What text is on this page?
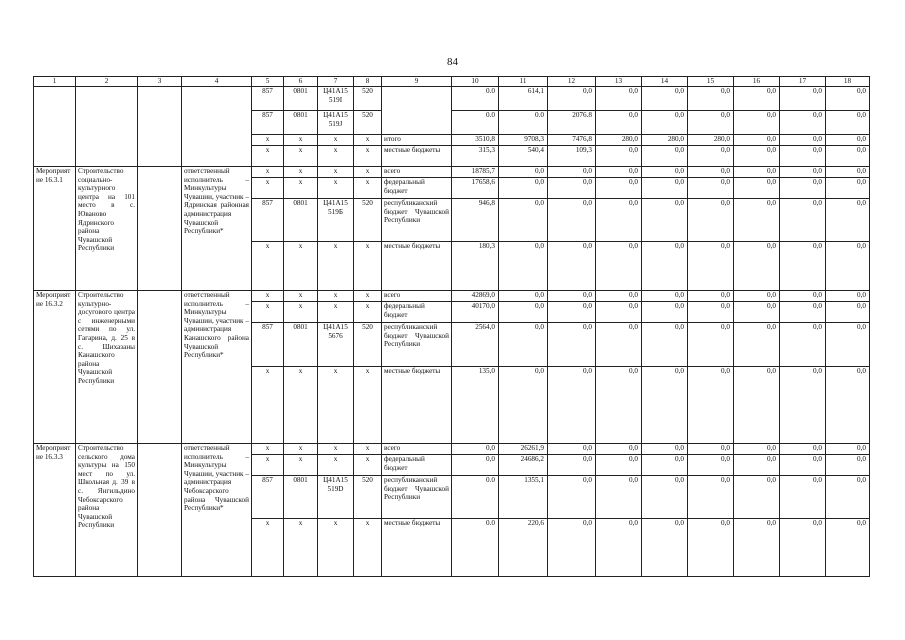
84
1	2	3	4	5	6	7	8	9	10	11	12	13	14	15	16	17	18
				857	0801	Ц41А15 519I	520		0.0	614,1	0,0	0,0	0,0	0,0	0,0	0,0	0,0
				857	0801	Ц41А15 519J	520		0.0	0.0	2076.8	0,0	0,0	0,0	0,0	0,0	0,0
				х	х	х	х	итого	3510,8	9708,3	7476,8	280,0	280,0	280,0	0,0	0,0	0,0
				х	х	х	х	местные бюджеты	315,3	540,4	109,3	0,0	0,0	0,0	0,0	0,0	0,0
Мероприятие 16.3.1	Строительство социально-культурного центра на 101 место в с. Юваново Ядринского района Чувашской Республики		ответственный исполнитель – Минкультуры Чувашии, участник – Ядринская районная администрация Чувашской Республики*	х	х	х	х	всего	18785,7	0,0	0,0	0,0	0,0	0,0	0,0	0,0	0,0
				х	х	х	х	федеральный бюджет	17658,6	0,0	0,0	0,0	0,0	0,0	0,0	0,0	0,0
				857	0801	Ц41А15 519Б	520	республиканский бюджет Чувашской Республики	946,8	0,0	0,0	0,0	0,0	0,0	0,0	0,0	0,0
				х	х	х	х	местные бюджеты	180,3	0,0	0,0	0,0	0,0	0,0	0,0	0,0	0,0
Мероприятие 16.3.2	Строительство культурно-досугового центра с инженерными сетями по ул. Гагарина, д. 25 в с. Шихазаны Канашского района Чувашской Республики		ответственный исполнитель – Минкультуры Чувашии, участник – администрация Канашского района Чувашской Республики*	х	х	х	х	всего	42869,0	0,0	0,0	0,0	0,0	0,0	0,0	0,0	0,0
				х	х	х	х	федеральный бюджет	40170,0	0,0	0,0	0,0	0,0	0,0	0,0	0,0	0,0
				857	0801	Ц41А15 5676	520	республиканский бюджет Чувашской Республики	2564,0	0,0	0,0	0,0	0,0	0,0	0,0	0,0	0,0
				х	х	х	х	местные бюджеты	135,0	0,0	0,0	0,0	0,0	0,0	0,0	0,0	0,0
Мероприятие 16.3.3	Строительство сельского дома культуры на 150 мест по ул. Школьная д. 39 в с. Янгильдино Чебоксарского района Чувашской Республики		ответственный исполнитель – Минкультуры Чувашии, участник – администрация Чебоксарского района Чувашской Республики*	х	х	х	х	всего	0,0	26261,9	0,0	0,0	0,0	0,0	0,0	0,0	0,0
				х	х	х	х	федеральный бюджет	0,0	24686,2	0,0	0,0	0,0	0,0	0,0	0,0	0,0
				857	0801	Ц41А15 519D	520	республиканский бюджет Чувашской Республики	0.0	1355,1	0,0	0,0	0,0	0,0	0,0	0,0	0,0
				х	х	х	х	местные бюджеты	0.0	220,6	0,0	0,0	0,0	0,0	0,0	0,0	0,0
